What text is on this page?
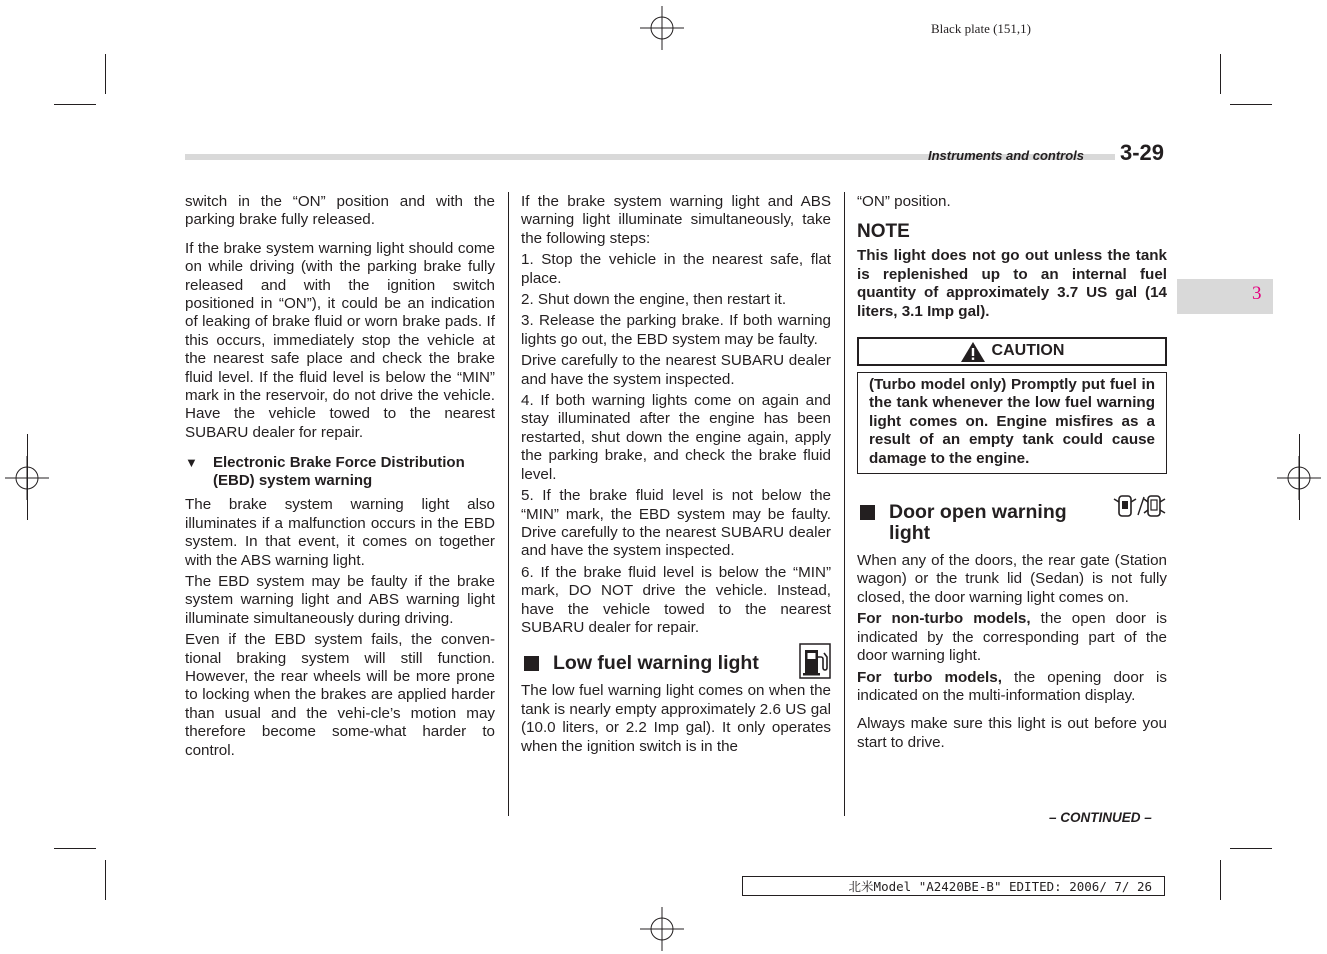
Black plate (151,1)
Instruments and controls 3-29
3

switch in the “ON” position and with the parking brake fully released.

If the brake system warning light should come on while driving (with the parking brake fully released and with the ignition switch positioned in “ON”), it could be an indication of leaking of brake fluid or worn brake pads. If this occurs, immediately stop the vehicle at the nearest safe place and check the brake fluid level. If the fluid level is below the “MIN” mark in the reservoir, do not drive the vehicle. Have the vehicle towed to the nearest SUBARU dealer for repair.

▼	Electronic Brake Force Distribution (EBD) system warning

The brake system warning light also illuminates if a malfunction occurs in the EBD system. In that event, it comes on together with the ABS warning light.

The EBD system may be faulty if the brake system warning light and ABS warning light illuminate simultaneously during driving.

Even if the EBD system fails, the conven-tional braking system will still function. However, the rear wheels will be more prone to locking when the brakes are applied harder than usual and the vehi-cle’s motion may therefore become some-what harder to control.

If the brake system warning light and ABS warning light illuminate simultaneously, take the following steps:

1. Stop the vehicle in the nearest safe, flat place.

2. Shut down the engine, then restart it.

3. Release the parking brake. If both warning lights go out, the EBD system may be faulty.

Drive carefully to the nearest SUBARU dealer and have the system inspected.

4. If both warning lights come on again and stay illuminated after the engine has been restarted, shut down the engine again, apply the parking brake, and check the brake fluid level.

5. If the brake fluid level is not below the “MIN” mark, the EBD system may be faulty. Drive carefully to the nearest SUBARU dealer and have the system inspected.

6. If the brake fluid level is below the “MIN” mark, DO NOT drive the vehicle. Instead, have the vehicle towed to the nearest SUBARU dealer for repair.

Low fuel warning light

The low fuel warning light comes on when the tank is nearly empty approximately 2.6 US gal (10.0 liters, or 2.2 Imp gal). It only operates when the ignition switch is in the

“ON” position.

NOTE

This light does not go out unless the tank is replenished up to an internal fuel quantity of approximately 3.7 US gal (14 liters, 3.1 Imp gal).

CAUTION
(Turbo model only) Promptly put fuel in the tank whenever the low fuel warning light comes on. Engine misfires as a result of an empty tank could cause damage to the engine.
Door open warning light

When any of the doors, the rear gate (Station wagon) or the trunk lid (Sedan) is not fully closed, the door warning light comes on.

For non-turbo models, the open door is indicated by the corresponding part of the door warning light.

For turbo models, the opening door is indicated on the multi-information display.

Always make sure this light is out before you start to drive.

– CONTINUED –
北米Model "A2420BE-B" EDITED: 2006/ 7/ 26
